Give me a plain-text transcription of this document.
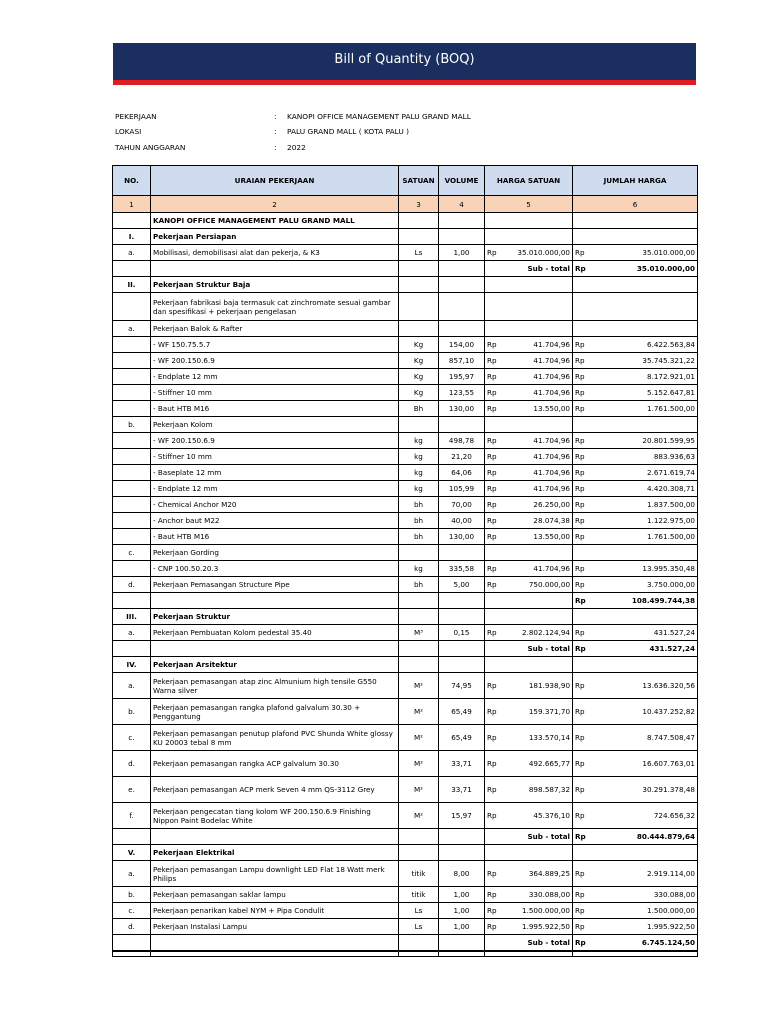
Bill of Quantity (BOQ)
PEKERJAAN	: KANOPI OFFICE MANAGEMENT PALU GRAND MALL
LOKASI	: PALU GRAND MALL ( KOTA PALU )
TAHUN ANGGARAN	: 2022
NO.	URAIAN PEKERJAAN	SATUAN	VOLUME	HARGA SATUAN		JUMLAH HARGA	
1	2	3	4	5		6	
	KANOPI OFFICE MANAGEMENT PALU GRAND MALL						
I.	Pekerjaan Persiapan						
a.	Mobilisasi, demobilisasi alat dan pekerja, & K3	Ls	1,00	Rp	35.010.000,00	Rp	35.010.000,00
				Sub - total		Rp	35.010.000,00
II.	Pekerjaan Struktur Baja						
	Pekerjaan fabrikasi baja termasuk cat zinchromate sesuai gambar dan spesifikasi + pekerjaan pengelasan						
a.	Pekerjaan Balok & Rafter						
	- WF 150.75.5.7	Kg	154,00	Rp	41.704,96	Rp	6.422.563,84
	- WF 200.150.6.9	Kg	857,10	Rp	41.704,96	Rp	35.745.321,22
	- Endplate 12 mm	Kg	195,97	Rp	41.704,96	Rp	8.172.921,01
	- Stiffner 10 mm	Kg	123,55	Rp	41.704,96	Rp	5.152.647,81
	- Baut HTB M16	Bh	130,00	Rp	13.550,00	Rp	1.761.500,00
b.	Pekerjaan Kolom						
	- WF 200.150.6.9	kg	498,78	Rp	41.704,96	Rp	20.801.599,95
	- Stiffner 10 mm	kg	21,20	Rp	41.704,96	Rp	883.936,63
	- Baseplate 12 mm	kg	64,06	Rp	41.704,96	Rp	2.671.619,74
	- Endplate 12 mm	kg	105,99	Rp	41.704,96	Rp	4.420.308,71
	- Chemical Anchor M20	bh	70,00	Rp	26.250,00	Rp	1.837.500,00
	- Anchor baut M22	bh	40,00	Rp	28.074,38	Rp	1.122.975,00
	- Baut HTB M16	bh	130,00	Rp	13.550,00	Rp	1.761.500,00
c.	Pekerjaan Gording						
	- CNP 100.50.20.3	kg	335,58	Rp	41.704,96	Rp	13.995.350,48
d.	Pekerjaan Pemasangan Structure Pipe	bh	5,00	Rp	750.000,00	Rp	3.750.000,00
						Rp	108.499.744,38
III.	Pekerjaan Struktur						
a.	Pekerjaan Pembuatan Kolom pedestal 35.40	M³	0,15	Rp	2.802.124,94	Rp	431.527,24
				Sub - total		Rp	431.527,24
IV.	Pekerjaan Arsitektur						
a.	Pekerjaan pemasangan atap zinc Almunium high tensile G550 Warna silver	M²	74,95	Rp	181.938,90	Rp	13.636.320,56
b.	Pekerjaan pemasangan rangka plafond galvalum 30.30 + Penggantung	M²	65,49	Rp	159.371,70	Rp	10.437.252,82
c.	Pekerjaan pemasangan penutup plafond PVC Shunda White glossy KU 20003 tebal 8 mm	M²	65,49	Rp	133.570,14	Rp	8.747.508,47
d.	Pekerjaan pemasangan rangka ACP galvalum 30.30	M²	33,71	Rp	492.665,77	Rp	16.607.763,01
e.	Pekerjaan pemasangan ACP merk Seven 4 mm QS-3112 Grey	M²	33,71	Rp	898.587,32	Rp	30.291.378,48
f.	Pekerjaan pengecatan tiang kolom WF 200.150.6.9 Finishing Nippon Paint Bodelac White	M²	15,97	Rp	45.376,10	Rp	724.656,32
				Sub - total		Rp	80.444.879,64
V.	Pekerjaan Elektrikal						
a.	Pekerjaan pemasangan Lampu downlight LED Flat 18 Watt merk Philips	titik	8,00	Rp	364.889,25	Rp	2.919.114,00
b.	Pekerjaan pemasangan saklar lampu	titik	1,00	Rp	330.088,00	Rp	330.088,00
c.	Pekerjaan penarikan kabel NYM + Pipa Condulit	Ls	1,00	Rp	1.500.000,00	Rp	1.500.000,00
d.	Pekerjaan Instalasi Lampu	Ls	1,00	Rp	1.995.922,50	Rp	1.995.922,50
				Sub - total		Rp	6.745.124,50
